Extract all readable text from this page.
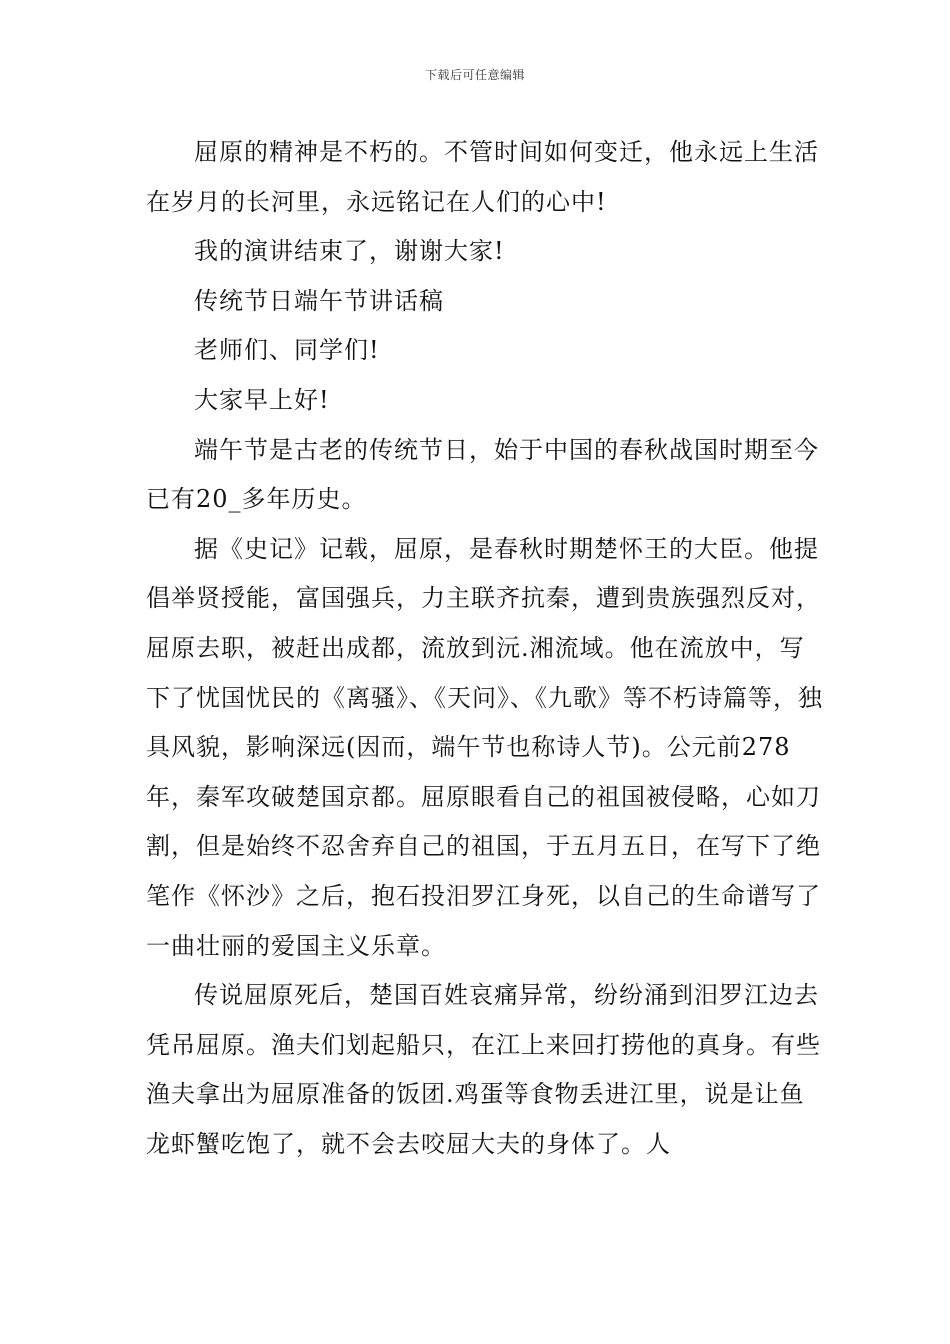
下载后可任意编辑

屈原的精神是不朽的。不管时间如何变迁，他永远上生活在岁月的长河里，永远铭记在人们的心中!

我的演讲结束了，谢谢大家!

传统节日端午节讲话稿

老师们、同学们!

大家早上好!

端午节是古老的传统节日，始于中国的春秋战国时期至今已有20_多年历史。

据《史记》记载，屈原，是春秋时期楚怀王的大臣。他提倡举贤授能，富国强兵，力主联齐抗秦，遭到贵族强烈反对，屈原去职，被赶出成都，流放到沅.湘流域。他在流放中，写下了忧国忧民的《离骚》、《天问》、《九歌》等不朽诗篇等，独具风貌，影响深远(因而，端午节也称诗人节)。公元前278年，秦军攻破楚国京都。屈原眼看自己的祖国被侵略，心如刀割，但是始终不忍舍弃自己的祖国，于五月五日，在写下了绝笔作《怀沙》之后，抱石投汨罗江身死，以自己的生命谱写了一曲壮丽的爱国主义乐章。

传说屈原死后，楚国百姓哀痛异常，纷纷涌到汨罗江边去凭吊屈原。渔夫们划起船只，在江上来回打捞他的真身。有些渔夫拿出为屈原准备的饭团.鸡蛋等食物丢进江里，说是让鱼龙虾蟹吃饱了，就不会去咬屈大夫的身体了。人
